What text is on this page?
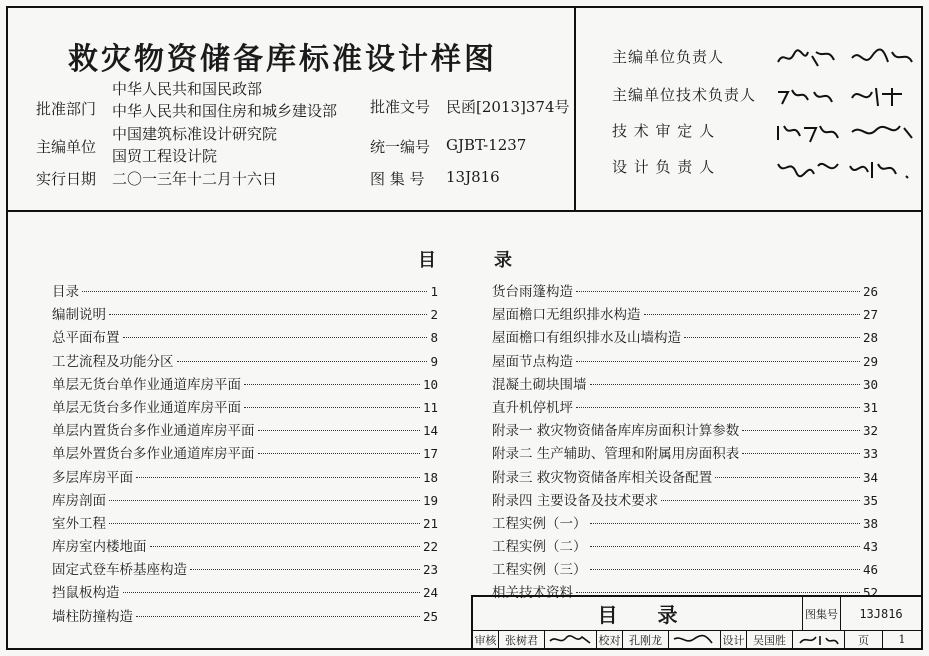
救灾物资储备库标准设计样图
批准部门
中华人民共和国民政部
中华人民共和国住房和城乡建设部
主编单位
中国建筑标准设计研究院
国贸工程设计院
实行日期 二〇一三年十二月十六日
批准文号 民函[2013]374号
统一编号 GJBT-1237
图 集 号 13J816
主编单位负责人
主编单位技术负责人
技 术 审 定 人
设 计 负 责 人
目	录
目录	1
编制说明	2
总平面布置	8
工艺流程及功能分区	9
单层无货台单作业通道库房平面	10
单层无货台多作业通道库房平面	11
单层内置货台多作业通道库房平面	14
单层外置货台多作业通道库房平面	17
多层库房平面	18
库房剖面	19
室外工程	21
库房室内楼地面	22
固定式登车桥基座构造	23
挡鼠板构造	24
墙柱防撞构造	25
货台雨篷构造	26
屋面檐口无组织排水构造	27
屋面檐口有组织排水及山墙构造	28
屋面节点构造	29
混凝土砌块围墙	30
直升机停机坪	31
附录一 救灾物资储备库库房面积计算参数	32
附录二 生产辅助、管理和附属用房面积表	33
附录三 救灾物资储备库相关设备配置	34
附录四 主要设备及技术要求	35
工程实例（一）	38
工程实例（二）	43
工程实例（三）	46
相关技术资料	52
目 录	图集号	13J816
审核 张树君	校对 孔刚龙	设计 吴国胜	页	1
